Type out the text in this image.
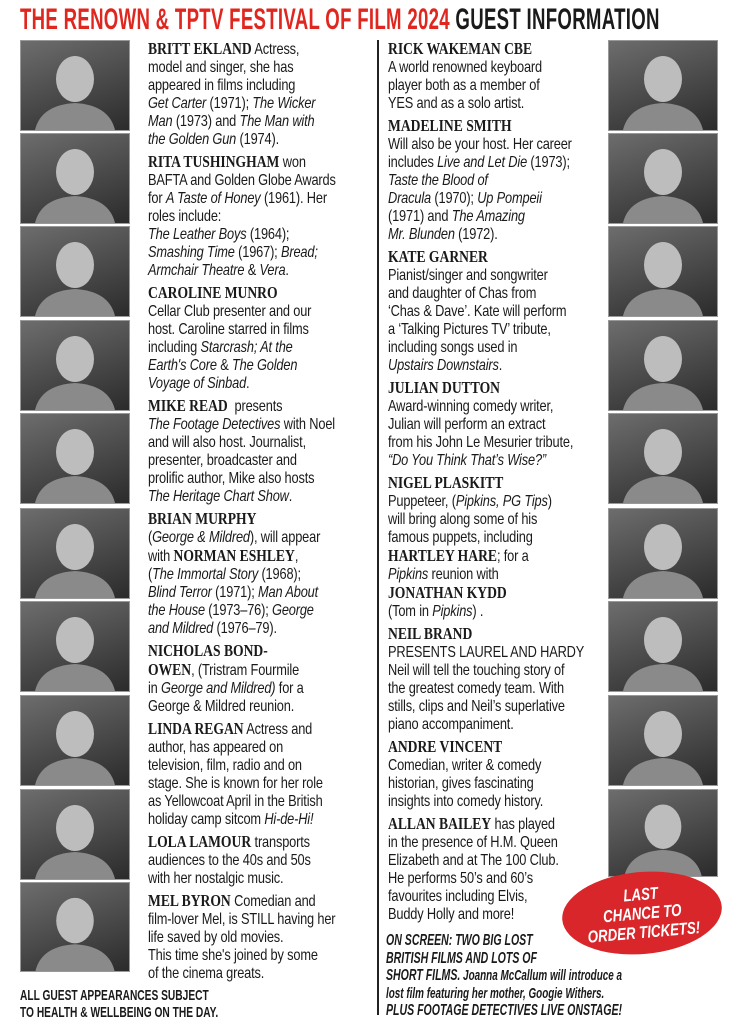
THE RENOWN & TPTV FESTIVAL OF FILM 2024 GUEST INFORMATION
BRITT EKLAND Actress,
model and singer, she has
appeared in films including
Get Carter (1971); The Wicker
Man (1973) and The Man with
the Golden Gun (1974).
RITA TUSHINGHAM won
BAFTA and Golden Globe Awards
for A Taste of Honey (1961). Her
roles include:
The Leather Boys (1964);
Smashing Time (1967); Bread;
Armchair Theatre & Vera.
CAROLINE MUNRO
Cellar Club presenter and our
host. Caroline starred in films
including Starcrash; At the
Earth's Core & The Golden
Voyage of Sinbad.
MIKE READ  presents
The Footage Detectives with Noel
and will also host. Journalist,
presenter, broadcaster and
prolific author, Mike also hosts
The Heritage Chart Show.
BRIAN MURPHY
(George & Mildred), will appear
with NORMAN ESHLEY,
(The Immortal Story (1968);
Blind Terror (1971); Man About
the House (1973–76); George
and Mildred (1976–79).
NICHOLAS BOND-
OWEN, (Tristram Fourmile
in George and Mildred) for a
George & Mildred reunion.
LINDA REGAN Actress and
author, has appeared on
television, film, radio and on
stage. She is known for her role
as Yellowcoat April in the British
holiday camp sitcom Hi-de-Hi!
LOLA LAMOUR transports
audiences to the 40s and 50s
with her nostalgic music.
MEL BYRON Comedian and
film-lover Mel, is STILL having her
life saved by old movies.
This time she's joined by some
of the cinema greats.
RICK WAKEMAN CBE
A world renowned keyboard
player both as a member of
YES and as a solo artist.
MADELINE SMITH
Will also be your host. Her career
includes Live and Let Die (1973);
Taste the Blood of
Dracula (1970); Up Pompeii
(1971) and The Amazing
Mr. Blunden (1972).
KATE GARNER
Pianist/singer and songwriter
and daughter of Chas from
‘Chas & Dave’. Kate will perform
a ‘Talking Pictures TV’ tribute,
including songs used in
Upstairs Downstairs.
JULIAN DUTTON
Award-winning comedy writer,
Julian will perform an extract
from his John Le Mesurier tribute,
“Do You Think That’s Wise?”
NIGEL PLASKITT
Puppeteer, (Pipkins, PG Tips)
will bring along some of his
famous puppets, including
HARTLEY HARE; for a
Pipkins reunion with
JONATHAN KYDD
(Tom in Pipkins) .
NEIL BRAND
PRESENTS LAUREL AND HARDY
Neil will tell the touching story of
the greatest comedy team. With
stills, clips and Neil’s superlative
piano accompaniment.
ANDRE VINCENT
Comedian, writer & comedy
historian, gives fascinating
insights into comedy history.
ALLAN BAILEY has played
in the presence of H.M. Queen
Elizabeth and at The 100 Club.
He performs 50’s and 60’s
favourites including Elvis,
Buddy Holly and more!
ALL GUEST APPEARANCES SUBJECT
TO HEALTH & WELLBEING ON THE DAY.
ON SCREEN: TWO BIG LOST
BRITISH FILMS AND LOTS OF
SHORT FILMS. Joanna McCallum will introduce a
lost film featuring her mother, Googie Withers.
PLUS FOOTAGE DETECTIVES LIVE ONSTAGE!
LAST
CHANCE TO
ORDER TICKETS!
